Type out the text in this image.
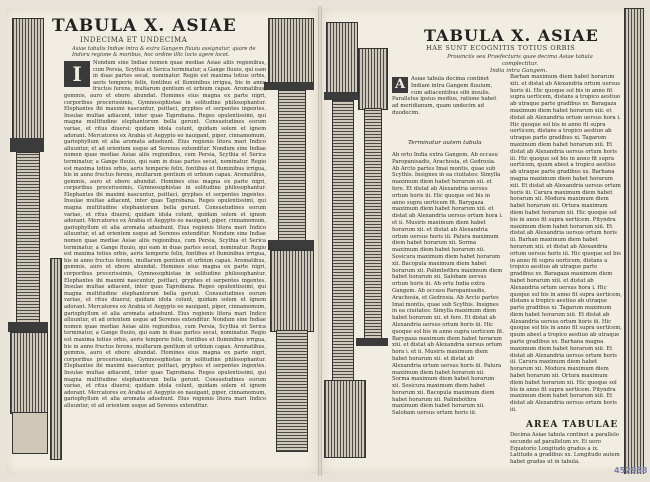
TABULA X. ASIAE
INDECIMA ET UNDECIMA
Asiae tabulis Indiae intra & extra Gangem fluuiu assignatur, quare de Indoru regione & moribus, hoc ordine illic locis agere locet.
I	Nondum sine Indiae nomen quae mediae Asiae aliis regionibus, cum Persia, Scythia et Serica terminatur, a Gange fluuio, qui eam in duas partes secat, nominatur. Regio est maxima totius orbis, aeris temperie felix, fontibus et fluminibus irrigua, bis in anno fructus ferens, multarum gentium et urbium capax. Aromatibus, gemmis, auro et ebore abundat. Homines eius magna ex parte nigri, corporibus procerissimis, Gymnosophistae in solitudine philosophantur. Elephantes ibi maximi nascuntur, psittaci, gryphes et serpentes ingentes. Insulae multae adiacent, inter quas Taprobana. Reges opulentissimi, qui magna multitudine elephantorum bella gerunt. Consuetudines eorum variae, et ritus diuersi; quidam idola colunt, quidam solem et ignem adorant. Mercatores ex Arabia et Aegypto eo nauigant, piper, cinnamomum, gariophyllum et alia aromata aduehunt. Eius regionis litora mari Indico alluuntur, et ad orientem usque ad Serenos extenditur. Nondum sine Indiae nomen quae mediae Asiae aliis regionibus, cum Persia, Scythia et Serica terminatur, a Gange fluuio, qui eam in duas partes secat, nominatur. Regio est maxima totius orbis, aeris temperie felix, fontibus et fluminibus irrigua, bis in anno fructus ferens, multarum gentium et urbium capax. Aromatibus, gemmis, auro et ebore abundat. Homines eius magna ex parte nigri, corporibus procerissimis, Gymnosophistae in solitudine philosophantur. Elephantes ibi maximi nascuntur, psittaci, gryphes et serpentes ingentes. Insulae multae adiacent, inter quas Taprobana. Reges opulentissimi, qui magna multitudine elephantorum bella gerunt. Consuetudines eorum variae, et ritus diuersi; quidam idola colunt, quidam solem et ignem adorant. Mercatores ex Arabia et Aegypto eo nauigant, piper, cinnamomum, gariophyllum et alia aromata aduehunt. Eius regionis litora mari Indico alluuntur, et ad orientem usque ad Serenos extenditur. Nondum sine Indiae nomen quae mediae Asiae aliis regionibus, cum Persia, Scythia et Serica terminatur, a Gange fluuio, qui eam in duas partes secat, nominatur. Regio est maxima totius orbis, aeris temperie felix, fontibus et fluminibus irrigua, bis in anno fructus ferens, multarum gentium et urbium capax. Aromatibus, gemmis, auro et ebore abundat. Homines eius magna ex parte nigri, corporibus procerissimis, Gymnosophistae in solitudine philosophantur. Elephantes ibi maximi nascuntur, psittaci, gryphes et serpentes ingentes. Insulae multae adiacent, inter quas Taprobana. Reges opulentissimi, qui magna multitudine elephantorum bella gerunt. Consuetudines eorum variae, et ritus diuersi; quidam idola colunt, quidam solem et ignem adorant. Mercatores ex Arabia et Aegypto eo nauigant, piper, cinnamomum, gariophyllum et alia aromata aduehunt. Eius regionis litora mari Indico alluuntur, et ad orientem usque ad Serenos extenditur. Nondum sine Indiae nomen quae mediae Asiae aliis regionibus, cum Persia, Scythia et Serica terminatur, a Gange fluuio, qui eam in duas partes secat, nominatur. Regio est maxima totius orbis, aeris temperie felix, fontibus et fluminibus irrigua, bis in anno fructus ferens, multarum gentium et urbium capax. Aromatibus, gemmis, auro et ebore abundat. Homines eius magna ex parte nigri, corporibus procerissimis, Gymnosophistae in solitudine philosophantur. Elephantes ibi maximi nascuntur, psittaci, gryphes et serpentes ingentes. Insulae multae adiacent, inter quas Taprobana. Reges opulentissimi, qui magna multitudine elephantorum bella gerunt. Consuetudines eorum variae, et ritus diuersi; quidam idola colunt, quidam solem et ignem adorant. Mercatores ex Arabia et Aegypto eo nauigant, piper, cinnamomum, gariophyllum et alia aromata aduehunt. Eius regionis litora mari Indico alluuntur, et ad orientem usque ad Serenos extenditur.
TABULA X. ASIAE
HAE SUNT ECOGNITIS TOTIUS ORBIS
Prouinciis seu Praefecturis quae decima Asiae tabula complectitur.
India intra Gangem.
A	Asiae tabula decima continet Indiam intra Gangem fluuium, cum adiacentibus sibi insulis.
Parallelus ipsius medius, ratione habet ad meridianum, quam undecim ad duodecim.
Terminatur autem tabula
Ab ortu India extra Gangem. Ab occasu Paropanisadis, Arachosia, et Gedrosia. Ab Arcto partes Imai montis, quae sub Scythis. Insignes in ea ciuitates: Simylla maximum diem habet horarum xii. et fere. Et distat ab Alexandria uersus ortum horis iii. Hic quoque sol bis in anno supra uerticem fit. Barygaza maximum diem habet horarum xiii. et distat ab Alexandria uersus ortum hora i. et ii. Musiris maximum diem habet horarum xii. et distat ab Alexandria ortum uersus horis iii. Palura maximum diem habet horarum xii. Sorma maximum diem habet horarum xii. Sosicura maximum diem habet horarum xii. Bacopula maximum diem habet horarum xii. Palimbothra maximum diem habet horarum xii. Salobam uersus ortum horis iii. Ab ortu India extra Gangem. Ab occasu Paropanisadis, Arachosia, et Gedrosia. Ab Arcto partes Imai montis, quae sub Scythis. Insignes in ea ciuitates: Simylla maximum diem habet horarum xii. et fere. Et distat ab Alexandria uersus ortum horis iii. Hic quoque sol bis in anno supra uerticem fit. Barygaza maximum diem habet horarum xiii. et distat ab Alexandria uersus ortum hora i. et ii. Musiris maximum diem habet horarum xii. et distat ab Alexandria ortum uersus horis iii. Palura maximum diem habet horarum xii. Sorma maximum diem habet horarum xii. Sosicura maximum diem habet horarum xii. Bacopula maximum diem habet horarum xii. Palimbothra maximum diem habet horarum xii. Salobam uersus ortum horis iii.
Barhan maximum diem habet horarum xiii. et distat ab Alexandria ortum uersus horis iii. Hic quoque sol bis in anno fit supra uerticem, distans a tropico aestiuo ab utraque parte gradibus xv. Baragaza maximum diem habet horarum xiii. et distat ab Alexandria ortum uersus hora i. Hic quoque sol bis in anno fit supra uerticem, distans a tropico aestiuo ab utraque parte gradibus xi. Tagarum maximum diem habet horarum xiii. Et distat ab Alexandria uersus ortum horis iii. Hic quoque sol bis in anno fit supra uerticem, quum abest a tropico aestiuo ab utraque parte gradibus xx. Barhana magna maximum diem habet horarum xiii. Et distat ab Alexandria uersus ortum horis iii. Carura maximum diem habet horarum xii. Modura maximum diem habet horarum xii. Ortura maximum diem habet horarum xii. Hic quoque sol bis in anno fit supra uerticem. Pityndra maximum diem habet horarum xiii. Et distat ab Alexandria uersus ortum horis iii. Barhan maximum diem habet horarum xiii. et distat ab Alexandria ortum uersus horis iii. Hic quoque sol bis in anno fit supra uerticem, distans a tropico aestiuo ab utraque parte gradibus xv. Baragaza maximum diem habet horarum xiii. et distat ab Alexandria ortum uersus hora i. Hic quoque sol bis in anno fit supra uerticem, distans a tropico aestiuo ab utraque parte gradibus xi. Tagarum maximum diem habet horarum xiii. Et distat ab Alexandria uersus ortum horis iii. Hic quoque sol bis in anno fit supra uerticem, quum abest a tropico aestiuo ab utraque parte gradibus xx. Barhana magna maximum diem habet horarum xiii. Et distat ab Alexandria uersus ortum horis iii. Carura maximum diem habet horarum xii. Modura maximum diem habet horarum xii. Ortura maximum diem habet horarum xii. Hic quoque sol bis in anno fit supra uerticem. Pityndra maximum diem habet horarum xiii. Et distat ab Alexandria uersus ortum horis iii.
AREA TABULAE
Decima Asiae tabula continet a parallelo secundo ad parallelum xv. Ei uero Equatorio Longitudo gradus a ix. Latitudo a gradibus xx. Longitudo autem habet gradus ut in tabula.
452958
